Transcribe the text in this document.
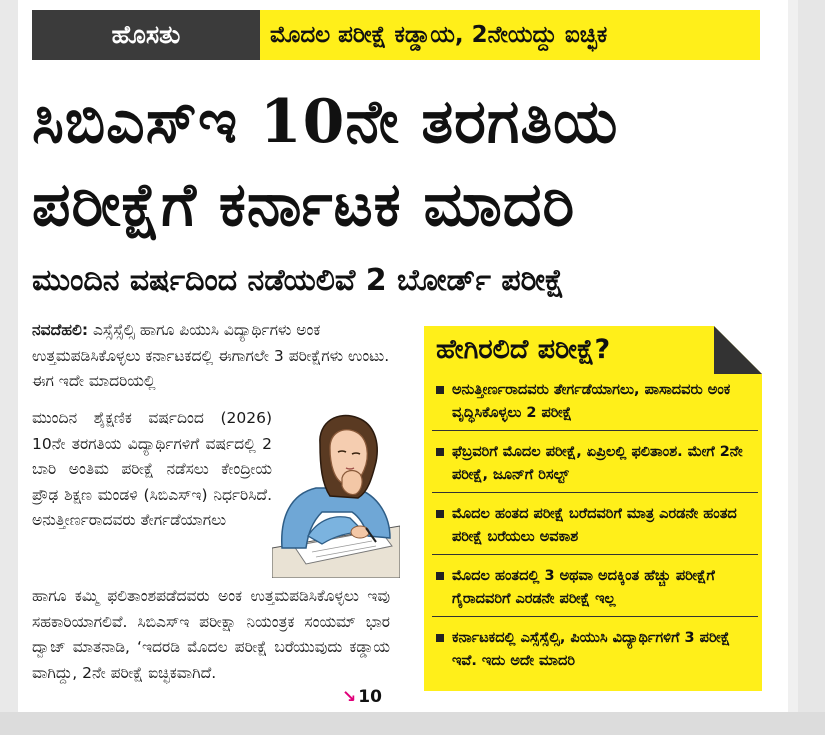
ಹೊಸತು	ಮೊದಲ ಪರೀಕ್ಷೆ ಕಡ್ಡಾಯ, 2ನೇಯದ್ದು ಐಚ್ಛಿಕ
ಸಿಬಿಎಸ್‌ಇ 10ನೇ ತರಗತಿಯ
ಪರೀಕ್ಷೆಗೆ ಕರ್ನಾಟಕ ಮಾದರಿ
ಮುಂದಿನ ವರ್ಷದಿಂದ ನಡೆಯಲಿವೆ 2 ಬೋರ್ಡ್ ಪರೀಕ್ಷೆ
ನವದೆಹಲಿ: ಎಸ್ಸೆಸ್ಸೆಲ್ಸಿ ಹಾಗೂ ಪಿಯುಸಿ ವಿದ್ಯಾರ್ಥಿಗಳು ಅಂಕ ಉತ್ತಮಪಡಿಸಿಕೊಳ್ಳಲು ಕರ್ನಾಟಕದಲ್ಲಿ ಈಗಾಗಲೇ 3 ಪರೀಕ್ಷೆಗಳು ಉಂಟು. ಈಗ ಇದೇ ಮಾದರಿಯಲ್ಲಿ
ಮುಂದಿನ ಶೈಕ್ಷಣಿಕ ವರ್ಷದಿಂದ (2026) 10ನೇ ತರಗತಿಯ ವಿದ್ಯಾರ್ಥಿಗಳಿಗೆ ವರ್ಷದಲ್ಲಿ 2 ಬಾರಿ ಅಂತಿಮ ಪರೀಕ್ಷೆ ನಡೆಸಲು ಕೇಂದ್ರೀಯ ಪ್ರೌಢ ಶಿಕ್ಷಣ ಮಂಡಳಿ (ಸಿಬಿಎಸ್‌ಇ) ನಿರ್ಧರಿಸಿದೆ. ಅನುತ್ತೀರ್ಣರಾದವರು ತೇರ್ಗಡೆಯಾಗಲು
ಹಾಗೂ ಕಮ್ಮಿ ಫಲಿತಾಂಶಪಡೆದವರು ಅಂಕ ಉತ್ತಮಪಡಿಸಿಕೊಳ್ಳಲು ಇವು ಸಹಕಾರಿಯಾಗಲಿವೆ. ಸಿಬಿಎಸ್‌ಇ ಪರೀಕ್ಷಾ ನಿಯಂತ್ರಕ ಸಂಯಮ್ ಭಾರ ದ್ವಾಜ್ ಮಾತನಾಡಿ, ‘ಇದರಡಿ ಮೊದಲ ಪರೀಕ್ಷೆ ಬರೆಯುವುದು ಕಡ್ಡಾಯ ವಾಗಿದ್ದು, 2ನೇ ಪರೀಕ್ಷೆ ಐಚ್ಛಿಕವಾಗಿದೆ.
↘ 10
ಹೇಗಿರಲಿದೆ ಪರೀಕ್ಷೆ?
ಅನುತ್ತೀರ್ಣರಾದವರು ತೇರ್ಗಡೆಯಾಗಲು, ಪಾಸಾದವರು ಅಂಕ ವೃದ್ಧಿಸಿಕೊಳ್ಳಲು 2 ಪರೀಕ್ಷೆ
ಫೆಬ್ರವರಿಗೆ ಮೊದಲ ಪರೀಕ್ಷೆ, ಏಪ್ರಿಲಲ್ಲಿ ಫಲಿತಾಂಶ. ಮೇಗೆ 2ನೇ ಪರೀಕ್ಷೆ, ಜೂನ್‌ಗೆ ರಿಸಲ್ಟ್
ಮೊದಲ ಹಂತದ ಪರೀಕ್ಷೆ ಬರೆದವರಿಗೆ ಮಾತ್ರ ಎರಡನೇ ಹಂತದ ಪರೀಕ್ಷೆ ಬರೆಯಲು ಅವಕಾಶ
ಮೊದಲ ಹಂತದಲ್ಲಿ 3 ಅಥವಾ ಅದಕ್ಕಿಂತ ಹೆಚ್ಚು ಪರೀಕ್ಷೆಗೆ ಗೈರಾದವರಿಗೆ ಎರಡನೇ ಪರೀಕ್ಷೆ ಇಲ್ಲ
ಕರ್ನಾಟಕದಲ್ಲಿ ಎಸ್ಸೆಸ್ಸೆಲ್ಸಿ, ಪಿಯುಸಿ ವಿದ್ಯಾರ್ಥಿಗಳಿಗೆ 3 ಪರೀಕ್ಷೆ ಇವೆ. ಇದು ಅದೇ ಮಾದರಿ
